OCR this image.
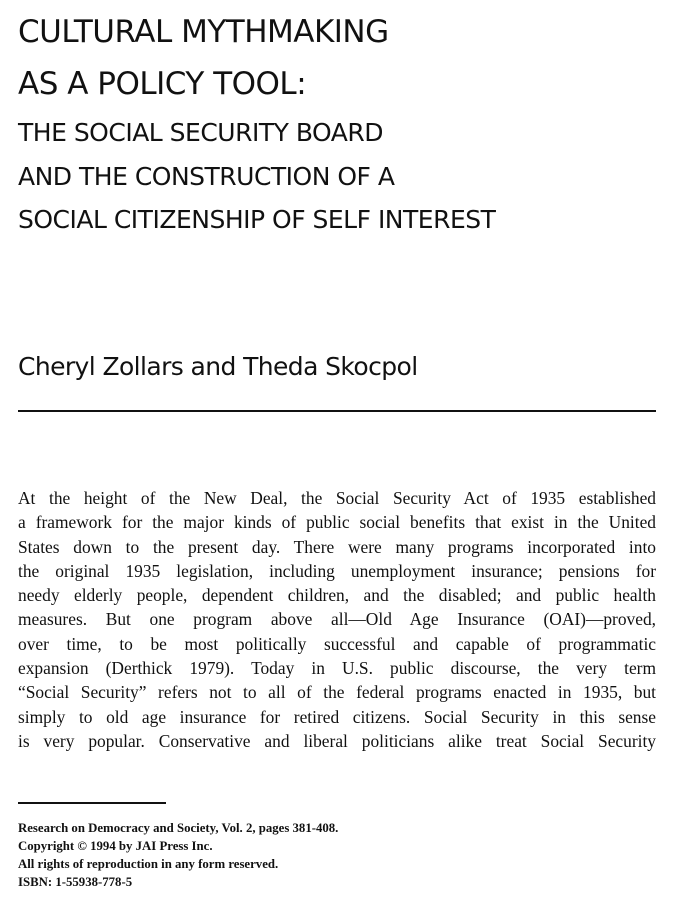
CULTURAL MYTHMAKING
AS A POLICY TOOL:
THE SOCIAL SECURITY BOARD
AND THE CONSTRUCTION OF A
SOCIAL CITIZENSHIP OF SELF INTEREST

Cheryl Zollars and Theda Skocpol

At the height of the New Deal, the Social Security Act of 1935 established
a framework for the major kinds of public social benefits that exist in the United
States down to the present day. There were many programs incorporated into
the original 1935 legislation, including unemployment insurance; pensions for
needy elderly people, dependent children, and the disabled; and public health
measures. But one program above all—Old Age Insurance (OAI)—proved,
over time, to be most politically successful and capable of programmatic
expansion (Derthick 1979). Today in U.S. public discourse, the very term
“Social Security” refers not to all of the federal programs enacted in 1935, but
simply to old age insurance for retired citizens. Social Security in this sense
is very popular. Conservative and liberal politicians alike treat Social Security
Research on Democracy and Society, Vol. 2, pages 381-408.
Copyright © 1994 by JAI Press Inc.
All rights of reproduction in any form reserved.
ISBN: 1-55938-778-5
